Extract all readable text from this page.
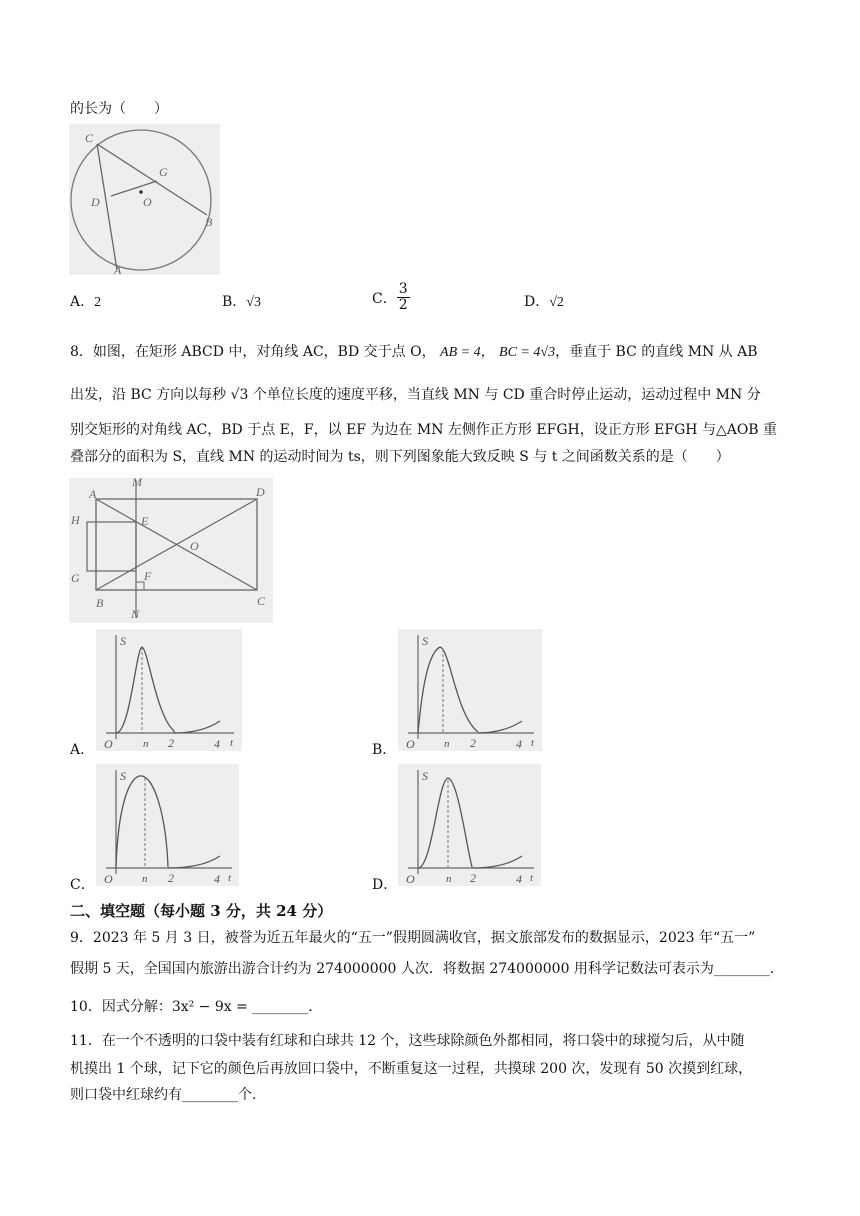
的长为（　　）
C
G
D	O
B
A
A．2	B．√3	C． $\frac{3}{2}$	D．√2
8．如图，在矩形 ABCD 中，对角线 AC，BD 交于点 O， AB = 4， BC = 4√3，垂直于 BC 的直线 MN 从 AB
出发，沿 BC 方向以每秒 √3 个单位长度的速度平移，当直线 MN 与 CD 重合时停止运动，运动过程中 MN 分
别交矩形的对角线 AC，BD 于点 E，F，以 EF 为边在 MN 左侧作正方形 EFGH，设正方形 EFGH 与△AOB 重
叠部分的面积为 S，直线 MN 的运动时间为 ts，则下列图象能大致反映 S 与 t 之间函数关系的是（　　）
A
M
D
H	E
O
G	F
B
N
C
A．
S
O	n 2	4 t	B．
S
O	n 2	4 t
C．
S
O	n 2	4 t	D．
S
O	n 2	4 t
二、填空题（每小题 3 分，共 24 分）
9．2023 年 5 月 3 日，被誉为近五年最火的“五一”假期圆满收官，据文旅部发布的数据显示，2023 年“五一”
假期 5 天，全国国内旅游出游合计约为 274000000 人次．将数据 274000000 用科学记数法可表示为________.
10．因式分解：3x² − 9x = ________．
11．在一个不透明的口袋中装有红球和白球共 12 个，这些球除颜色外都相同，将口袋中的球搅匀后，从中随
机摸出 1 个球，记下它的颜色后再放回口袋中，不断重复这一过程，共摸球 200 次，发现有 50 次摸到红球，
则口袋中红球约有________个.
